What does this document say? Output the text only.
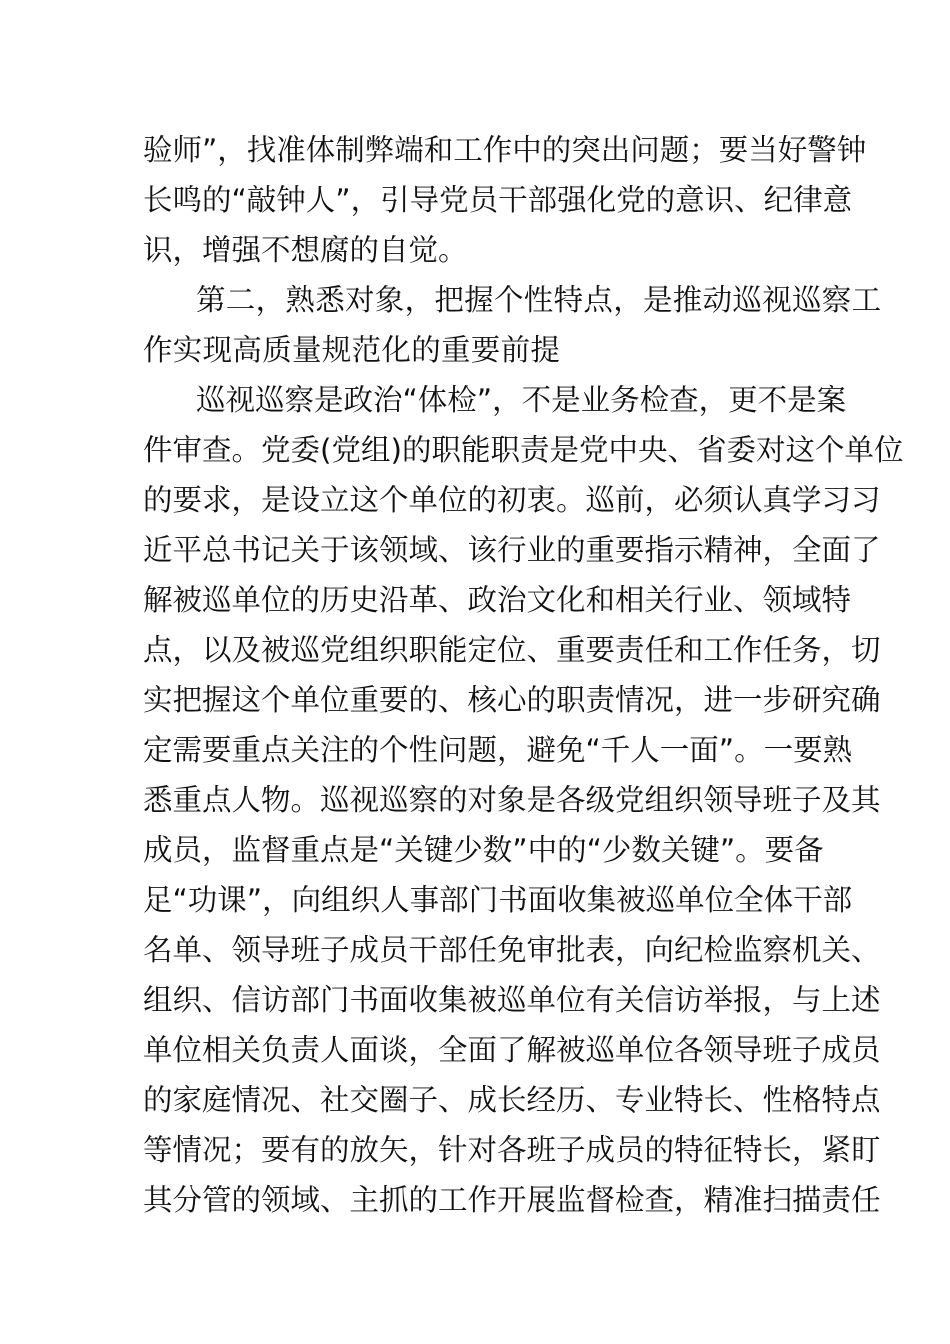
验师”，找准体制弊端和工作中的突出问题；要当好警钟

长鸣的“敲钟人”，引导党员干部强化党的意识、纪律意

识，增强不想腐的自觉。

第二，熟悉对象，把握个性特点，是推动巡视巡察工

作实现高质量规范化的重要前提

巡视巡察是政治“体检”，不是业务检查，更不是案

件审查。党委(党组)的职能职责是党中央、省委对这个单位

的要求，是设立这个单位的初衷。巡前，必须认真学习习

近平总书记关于该领域、该行业的重要指示精神，全面了

解被巡单位的历史沿革、政治文化和相关行业、领域特

点，以及被巡党组织职能定位、重要责任和工作任务，切

实把握这个单位重要的、核心的职责情况，进一步研究确

定需要重点关注的个性问题，避免“千人一面”。一要熟

悉重点人物。巡视巡察的对象是各级党组织领导班子及其

成员，监督重点是“关键少数”中的“少数关键”。要备

足“功课”，向组织人事部门书面收集被巡单位全体干部

名单、领导班子成员干部任免审批表，向纪检监察机关、

组织、信访部门书面收集被巡单位有关信访举报，与上述

单位相关负责人面谈，全面了解被巡单位各领导班子成员

的家庭情况、社交圈子、成长经历、专业特长、性格特点

等情况；要有的放矢，针对各班子成员的特征特长，紧盯

其分管的领域、主抓的工作开展监督检查，精准扫描责任
